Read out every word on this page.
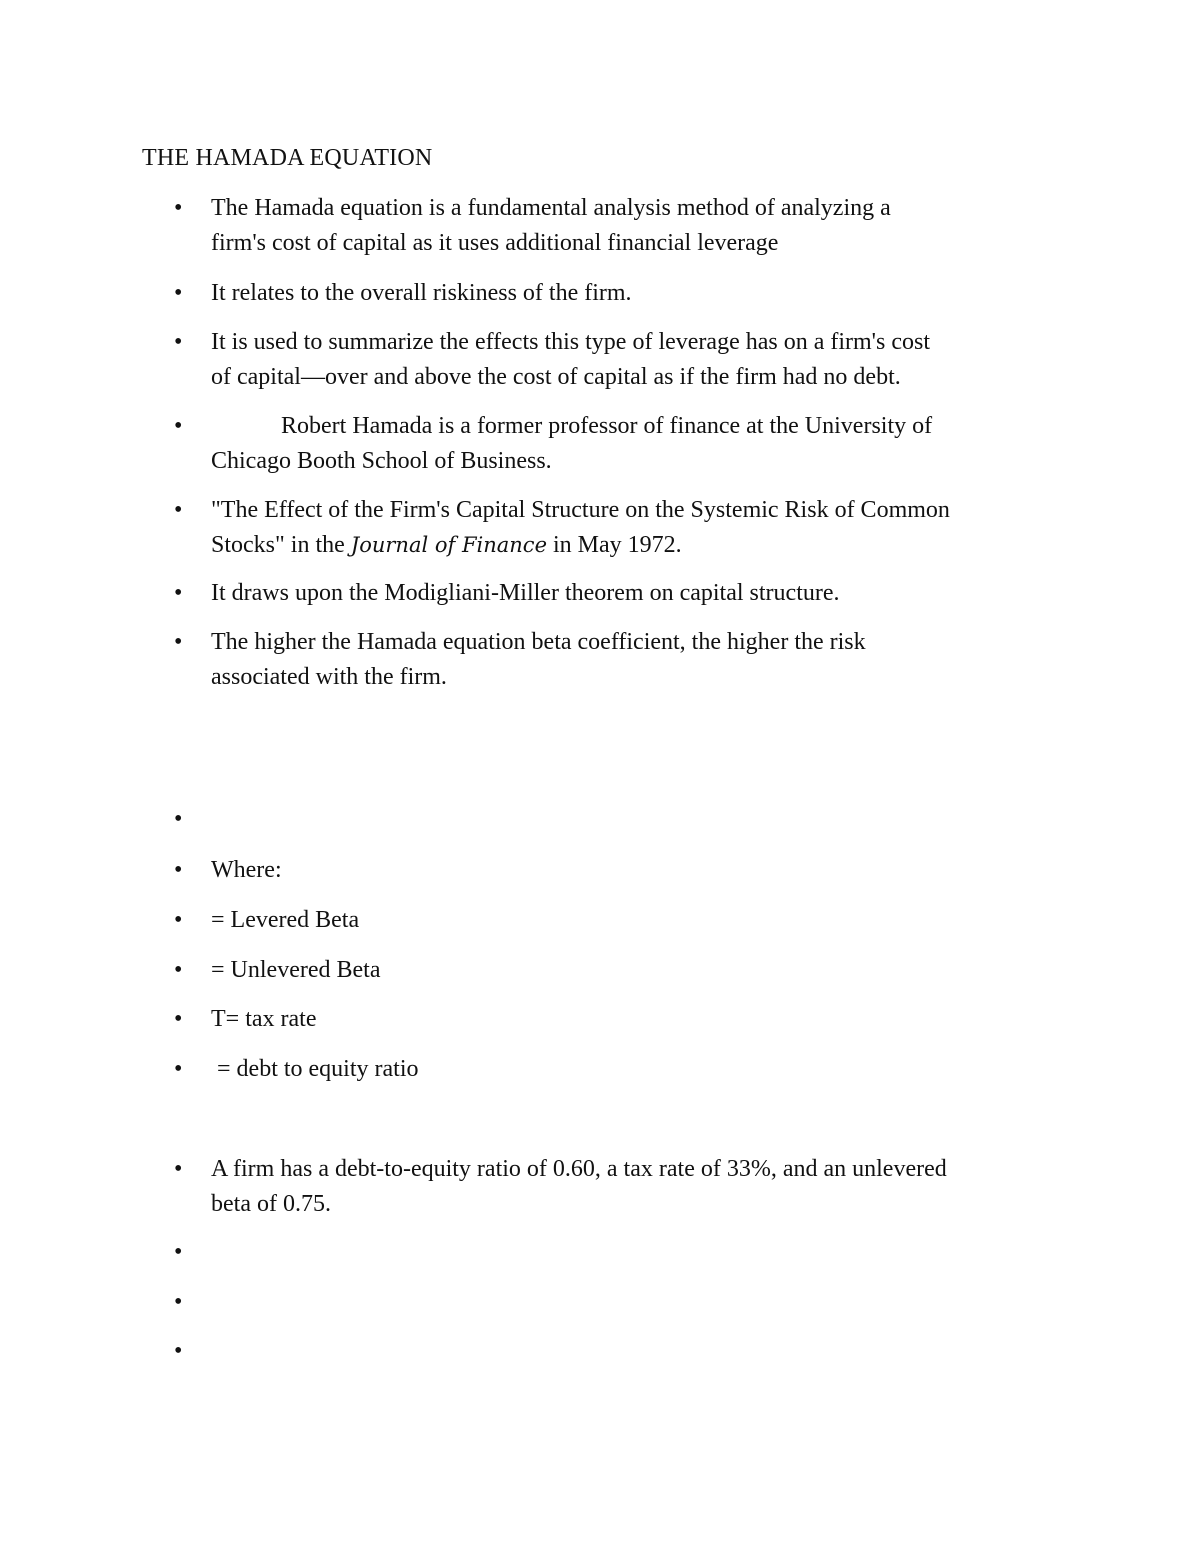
THE HAMADA EQUATION
• The Hamada equation is a fundamental analysis method of analyzing a
firm's cost of capital as it uses additional financial leverage
• It relates to the overall riskiness of the firm.
• It is used to summarize the effects this type of leverage has on a firm's cost
of capital—over and above the cost of capital as if the firm had no debt.
•	Robert Hamada is a former professor of finance at the University of
Chicago Booth School of Business.
• "The Effect of the Firm's Capital Structure on the Systemic Risk of Common
Stocks" in the Journal of Finance in May 1972.
• It draws upon the Modigliani-Miller theorem on capital structure.
• The higher the Hamada equation beta coefficient, the higher the risk
associated with the firm.
•
• Where:
• = Levered Beta
• = Unlevered Beta
• T= tax rate
• = debt to equity ratio
• A firm has a debt-to-equity ratio of 0.60, a tax rate of 33%, and an unlevered
beta of 0.75.
•
•
•
